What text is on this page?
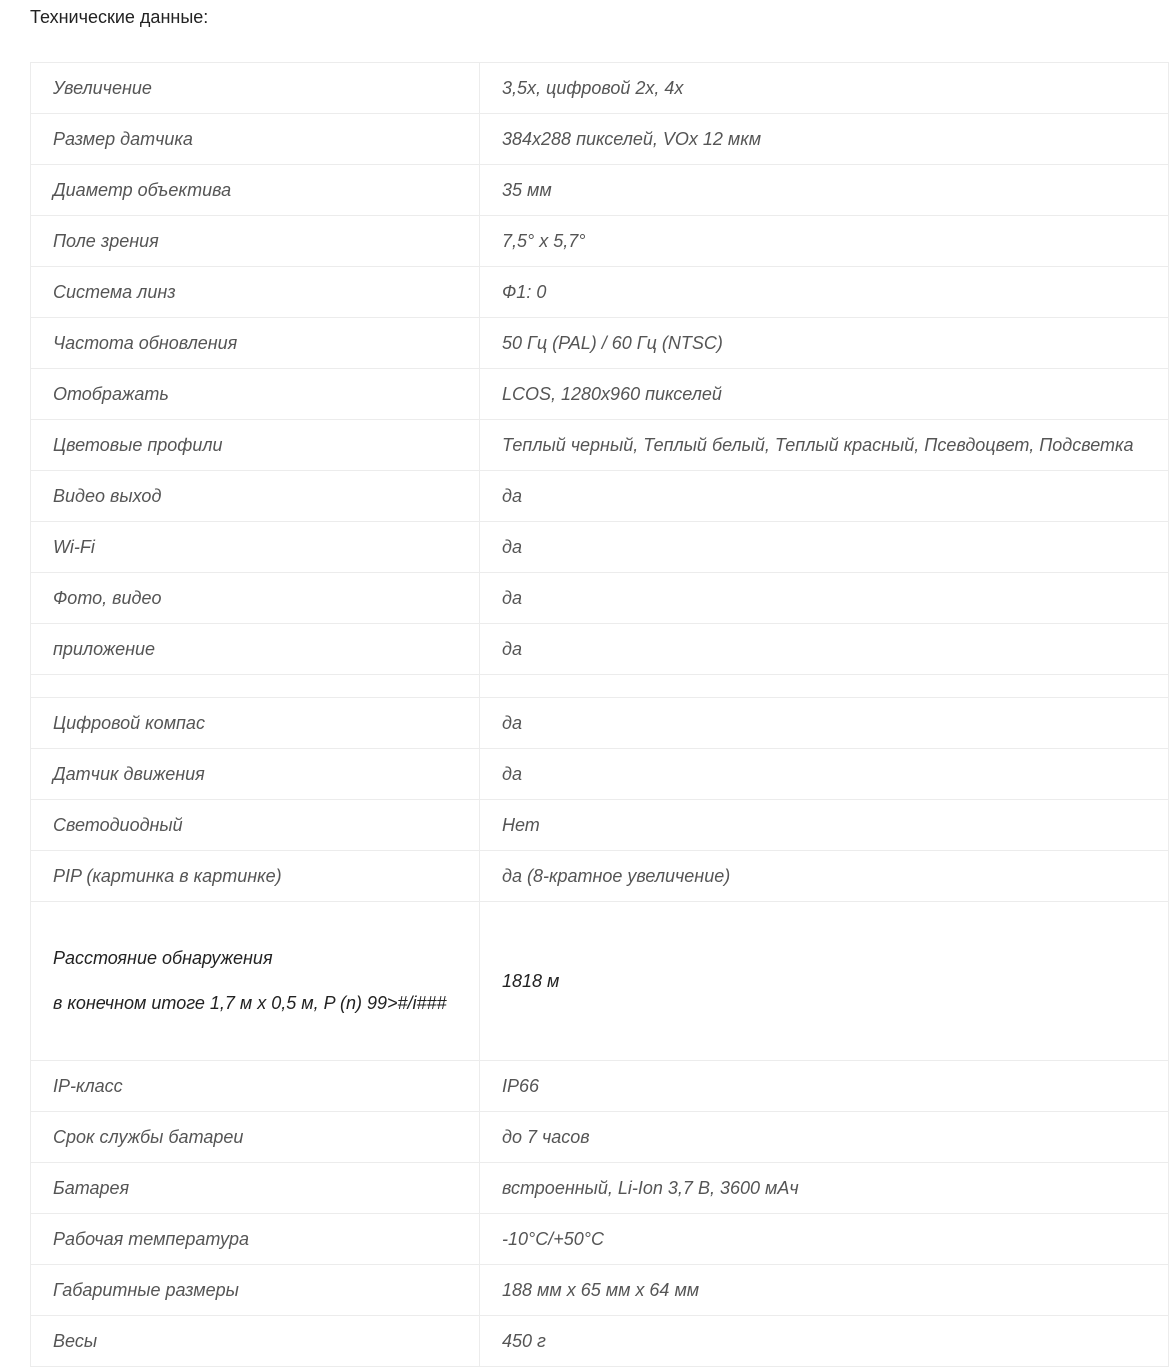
Технические данные:
Увеличение	3,5x, цифровой 2x, 4x
Размер датчика	384x288 пикселей, VOx 12 мкм
Диаметр объектива	35 мм
Поле зрения	7,5° х 5,7°
Система линз	Ф1: 0
Частота обновления	50 Гц (PAL) / 60 Гц (NTSC)
Отображать	LCOS, 1280x960 пикселей
Цветовые профили	Теплый черный, Теплый белый, Теплый красный, Псевдоцвет, Подсветка
Видео выход	да
Wi-Fi	да
Фото, видео	да
приложение	да

Цифровой компас	да
Датчик движения	да
Светодиодный	Нет
PIP (картинка в картинке)	да (8-кратное увеличение)

Расстояние обнаружения
в конечном итоге 1,7 м х 0,5 м, P (n) 99>#/i###	1818 м
IP-класс	IP66
Срок службы батареи	до 7 часов
Батарея	встроенный, Li-Ion 3,7 В, 3600 мАч
Рабочая температура	-10°C/+50°C
Габаритные размеры	188 мм х 65 мм х 64 мм
Весы	450 г
